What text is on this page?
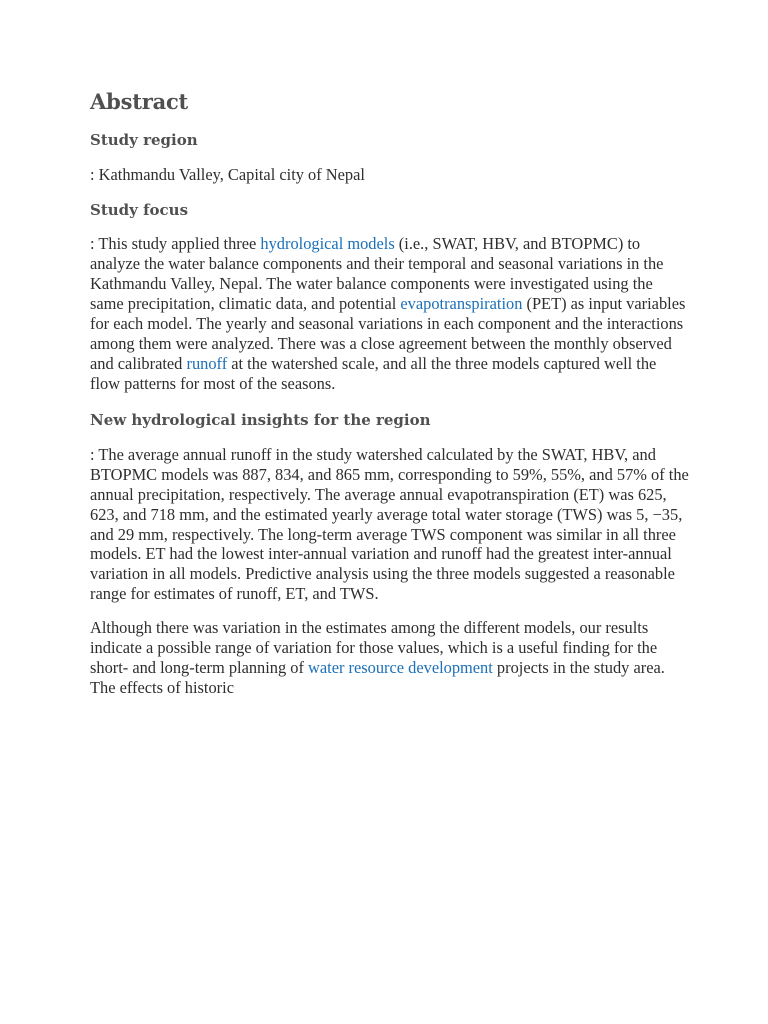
Abstract
Study region

: Kathmandu Valley, Capital city of Nepal

Study focus

: This study applied three hydrological models (i.e., SWAT, HBV, and BTOPMC) to analyze the water balance components and their temporal and seasonal variations in the Kathmandu Valley, Nepal. The water balance components were investigated using the same precipitation, climatic data, and potential evapotranspiration (PET) as input variables for each model. The yearly and seasonal variations in each component and the interactions among them were analyzed. There was a close agreement between the monthly observed and calibrated runoff at the watershed scale, and all the three models captured well the flow patterns for most of the seasons.

New hydrological insights for the region

: The average annual runoff in the study watershed calculated by the SWAT, HBV, and BTOPMC models was 887, 834, and 865 mm, corresponding to 59%, 55%, and 57% of the annual precipitation, respectively. The average annual evapotranspiration (ET) was 625, 623, and 718 mm, and the estimated yearly average total water storage (TWS) was 5, −35, and 29 mm, respectively. The long-term average TWS component was similar in all three models. ET had the lowest inter-annual variation and runoff had the greatest inter-annual variation in all models. Predictive analysis using the three models suggested a reasonable range for estimates of runoff, ET, and TWS.

Although there was variation in the estimates among the different models, our results indicate a possible range of variation for those values, which is a useful finding for the short- and long-term planning of water resource development projects in the study area. The effects of historic
